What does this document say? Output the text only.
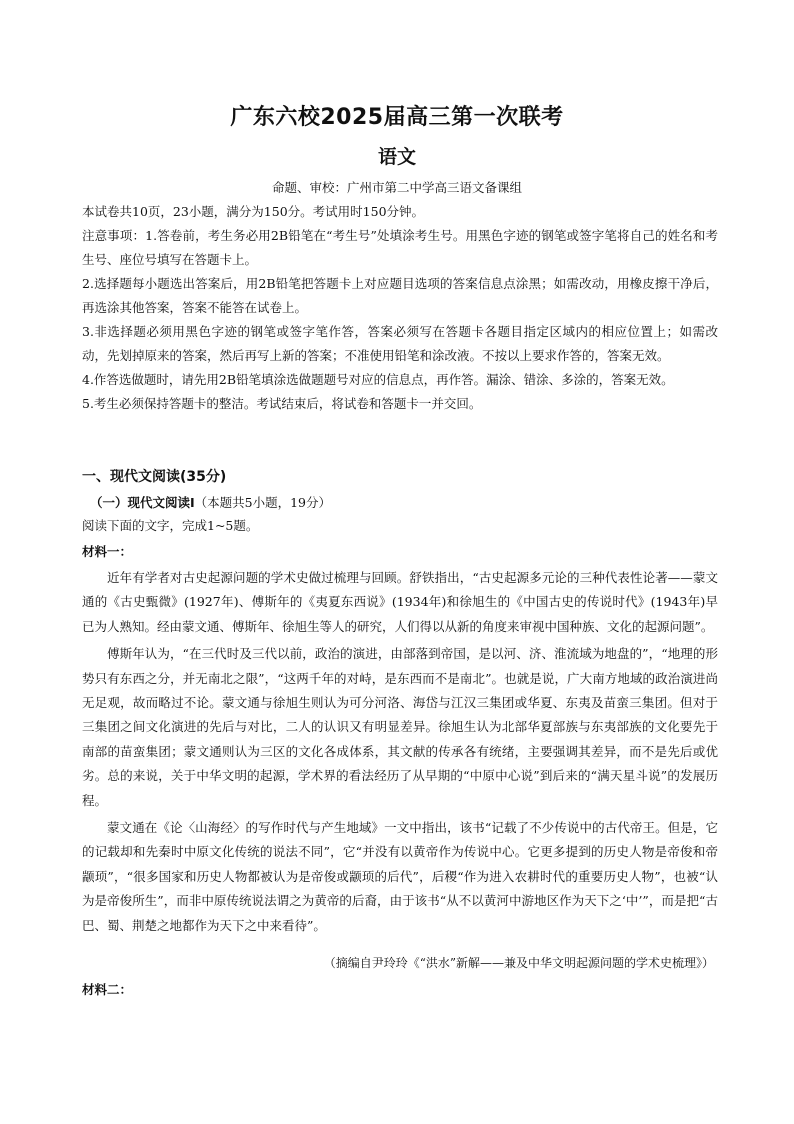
广东六校2025届高三第一次联考
语文
命题、审校：广州市第二中学高三语文备课组

本试卷共10页，23小题，满分为150分。考试用时150分钟。

注意事项：1.答卷前，考生务必用2B铅笔在“考生号”处填涂考生号。用黑色字迹的钢笔或签字笔将自己的姓名和考生号、座位号填写在答题卡上。

2.选择题每小题选出答案后，用2B铅笔把答题卡上对应题目选项的答案信息点涂黑；如需改动，用橡皮擦干净后，再选涂其他答案，答案不能答在试卷上。

3.非选择题必须用黑色字迹的钢笔或签字笔作答，答案必须写在答题卡各题目指定区域内的相应位置上；如需改动，先划掉原来的答案，然后再写上新的答案；不准使用铅笔和涂改液。不按以上要求作答的，答案无效。

4.作答选做题时，请先用2B铅笔填涂选做题题号对应的信息点，再作答。漏涂、错涂、多涂的，答案无效。

5.考生必须保持答题卡的整洁。考试结束后，将试卷和答题卡一并交回。

一、现代文阅读(35分)
（一）现代文阅读Ⅰ（本题共5小题，19分）
阅读下面的文字，完成1~5题。
材料一：

近年有学者对古史起源问题的学术史做过梳理与回顾。舒铁指出，“古史起源多元论的三种代表性论著——蒙文通的《古史甄微》(1927年)、傅斯年的《夷夏东西说》(1934年)和徐旭生的《中国古史的传说时代》(1943年)早已为人熟知。经由蒙文通、傅斯年、徐旭生等人的研究，人们得以从新的角度来审视中国种族、文化的起源问题”。

傅斯年认为，“在三代时及三代以前，政治的演进，由部落到帝国，是以河、济、淮流域为地盘的”，“地理的形势只有东西之分，并无南北之限”，“这两千年的对峙，是东西而不是南北”。也就是说，广大南方地域的政治演进尚无足观，故而略过不论。蒙文通与徐旭生则认为可分河洛、海岱与江汉三集团或华夏、东夷及苗蛮三集团。但对于三集团之间文化演进的先后与对比，二人的认识又有明显差异。徐旭生认为北部华夏部族与东夷部族的文化要先于南部的苗蛮集团；蒙文通则认为三区的文化各成体系，其文献的传承各有统绪，主要强调其差异，而不是先后或优劣。总的来说，关于中华文明的起源，学术界的看法经历了从早期的“中原中心说”到后来的“满天星斗说”的发展历程。

蒙文通在《论〈山海经〉的写作时代与产生地域》一文中指出，该书“记载了不少传说中的古代帝王。但是，它的记载却和先秦时中原文化传统的说法不同”，它“并没有以黄帝作为传说中心。它更多提到的历史人物是帝俊和帝颛顼”，“很多国家和历史人物都被认为是帝俊或颛顼的后代”，后稷“作为进入农耕时代的重要历史人物”，也被“认为是帝俊所生”，而非中原传统说法谓之为黄帝的后裔，由于该书“从不以黄河中游地区作为天下之‘中’”，而是把“古巴、蜀、荆楚之地都作为天下之中来看待”。

（摘编自尹玲玲《“洪水”新解——兼及中华文明起源问题的学术史梳理》）
材料二：
